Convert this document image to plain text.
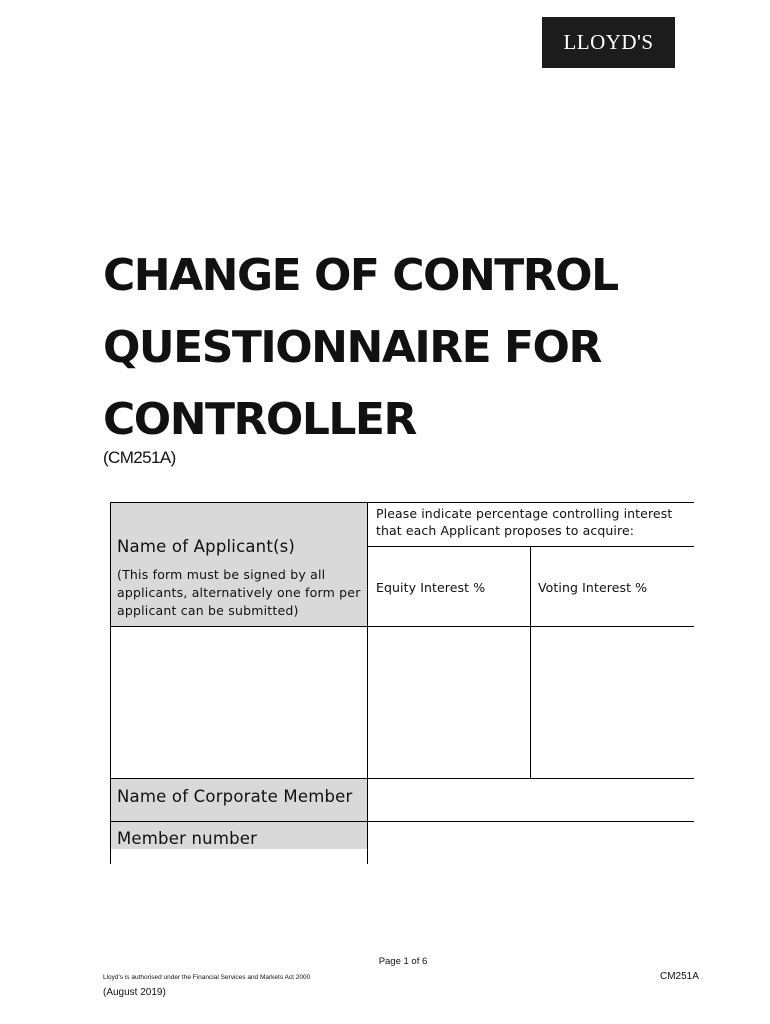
LLOYD'S
CHANGE OF CONTROL
QUESTIONNAIRE FOR
CONTROLLER
(CM251A)
Name of Applicant(s)
(This form must be signed by all applicants, alternatively one form per applicant can be submitted)
Please indicate percentage controlling interest that each Applicant proposes to acquire:
Equity Interest %	Voting Interest %
Name of Corporate Member
Member number
Page 1 of 6
Lloyd's is authorised under the Financial Services and Markets Act 2000	CM251A
(August 2019)
